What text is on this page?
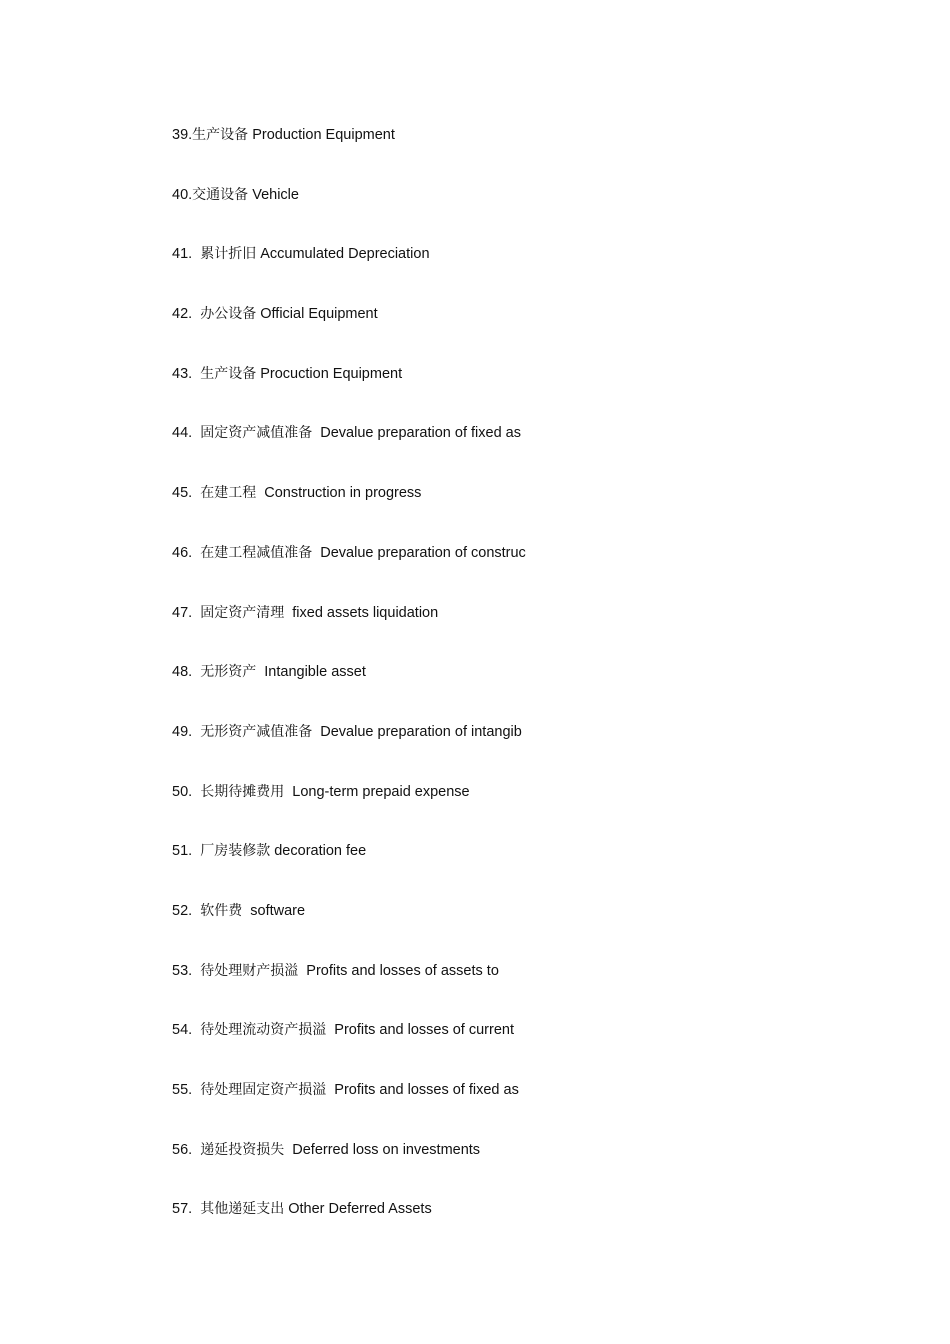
39.生产设备 Production Equipment
40.交通设备 Vehicle
41.  累计折旧 Accumulated Depreciation
42.  办公设备 Official Equipment
43.  生产设备 Procuction Equipment
44.  固定资产减值准备  Devalue preparation of fixed as
45.  在建工程  Construction in progress
46.  在建工程减值准备  Devalue preparation of construc
47.  固定资产清理  fixed assets liquidation
48.  无形资产  Intangible asset
49.  无形资产减值准备  Devalue preparation of intangib
50.  长期待摊费用  Long-term prepaid expense
51.  厂房装修款 decoration fee
52.  软件费  software
53.  待处理财产损溢  Profits and losses of assets to
54.  待处理流动资产损溢  Profits and losses of current
55.  待处理固定资产损溢  Profits and losses of fixed as
56.  递延投资损失  Deferred loss on investments
57.  其他递延支出 Other Deferred Assets
